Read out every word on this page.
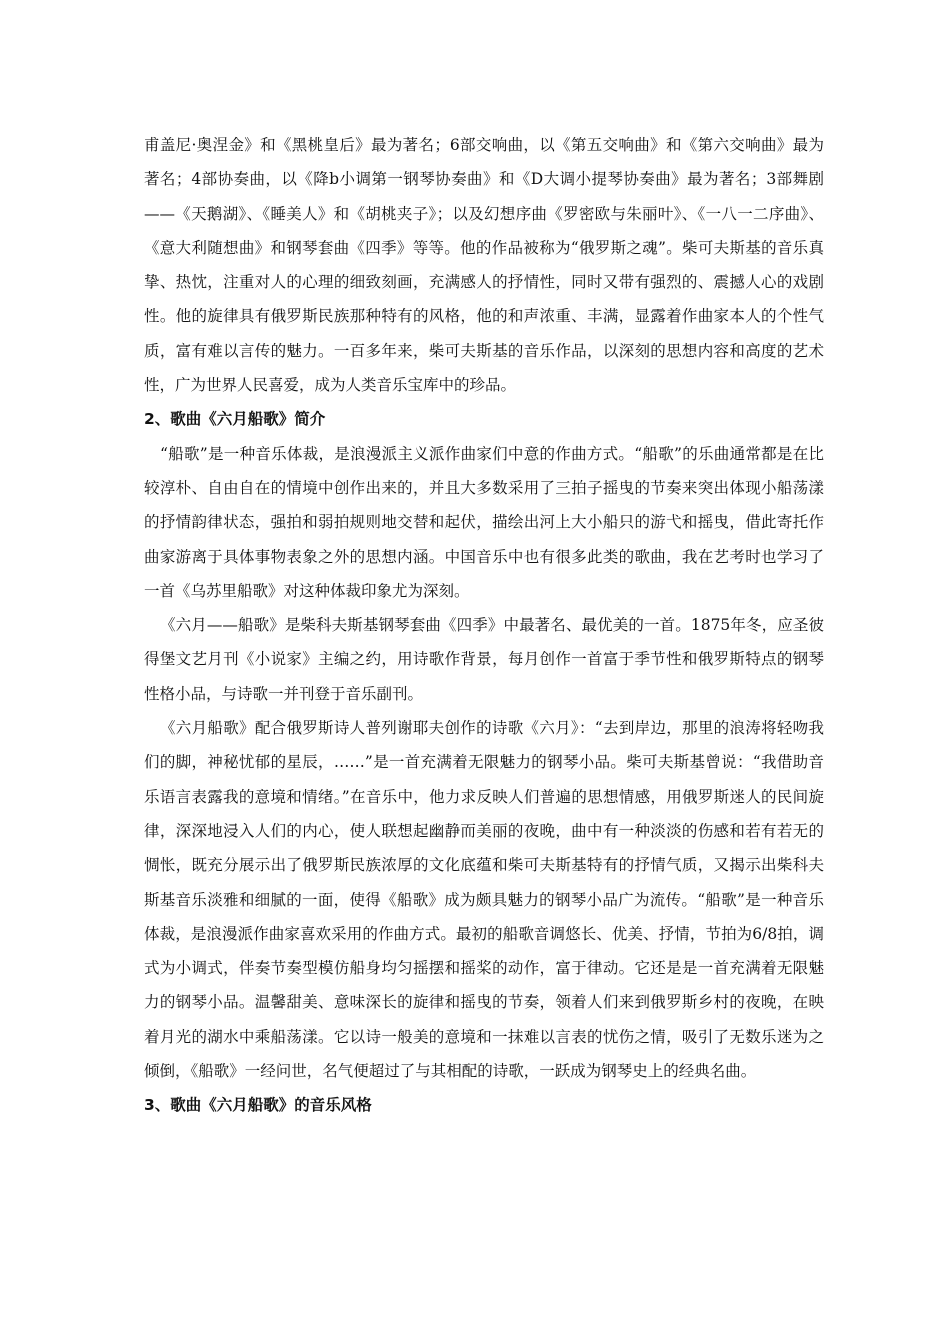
甫盖尼·奥涅金》和《黑桃皇后》最为著名；6部交响曲，以《第五交响曲》和《第六交响曲》最为著名；4部协奏曲，以《降b小调第一钢琴协奏曲》和《D大调小提琴协奏曲》最为著名；3部舞剧——《天鹅湖》、《睡美人》和《胡桃夹子》；以及幻想序曲《罗密欧与朱丽叶》、《一八一二序曲》、《意大利随想曲》和钢琴套曲《四季》等等。他的作品被称为“俄罗斯之魂”。柴可夫斯基的音乐真挚、热忱，注重对人的心理的细致刻画，充满感人的抒情性，同时又带有强烈的、震撼人心的戏剧性。他的旋律具有俄罗斯民族那种特有的风格，他的和声浓重、丰满，显露着作曲家本人的个性气质，富有难以言传的魅力。一百多年来，柴可夫斯基的音乐作品，以深刻的思想内容和高度的艺术性，广为世界人民喜爱，成为人类音乐宝库中的珍品。

2、歌曲《六月船歌》简介

“船歌”是一种音乐体裁，是浪漫派主义派作曲家们中意的作曲方式。“船歌”的乐曲通常都是在比较淳朴、自由自在的情境中创作出来的，并且大多数采用了三拍子摇曳的节奏来突出体现小船荡漾的抒情韵律状态，强拍和弱拍规则地交替和起伏，描绘出河上大小船只的游弋和摇曳，借此寄托作曲家游离于具体事物表象之外的思想内涵。中国音乐中也有很多此类的歌曲，我在艺考时也学习了一首《乌苏里船歌》对这种体裁印象尤为深刻。

《六月——船歌》是柴科夫斯基钢琴套曲《四季》中最著名、最优美的一首。1875年冬，应圣彼得堡文艺月刊《小说家》主编之约，用诗歌作背景，每月创作一首富于季节性和俄罗斯特点的钢琴性格小品，与诗歌一并刊登于音乐副刊。

《六月船歌》配合俄罗斯诗人普列谢耶夫创作的诗歌《六月》：“去到岸边，那里的浪涛将轻吻我们的脚，神秘忧郁的星辰，……”是一首充满着无限魅力的钢琴小品。柴可夫斯基曾说：“我借助音乐语言表露我的意境和情绪。”在音乐中，他力求反映人们普遍的思想情感，用俄罗斯迷人的民间旋律，深深地浸入人们的内心，使人联想起幽静而美丽的夜晚，曲中有一种淡淡的伤感和若有若无的惆怅，既充分展示出了俄罗斯民族浓厚的文化底蕴和柴可夫斯基特有的抒情气质，又揭示出柴科夫斯基音乐淡雅和细腻的一面，使得《船歌》成为颇具魅力的钢琴小品广为流传。“船歌”是一种音乐体裁，是浪漫派作曲家喜欢采用的作曲方式。最初的船歌音调悠长、优美、抒情，节拍为6/8拍，调式为小调式，伴奏节奏型模仿船身均匀摇摆和摇桨的动作，富于律动。它还是是一首充满着无限魅力的钢琴小品。温馨甜美、意味深长的旋律和摇曳的节奏，领着人们来到俄罗斯乡村的夜晚，在映着月光的湖水中乘船荡漾。它以诗一般美的意境和一抹难以言表的忧伤之情，吸引了无数乐迷为之倾倒，《船歌》一经问世，名气便超过了与其相配的诗歌，一跃成为钢琴史上的经典名曲。

3、歌曲《六月船歌》的音乐风格
